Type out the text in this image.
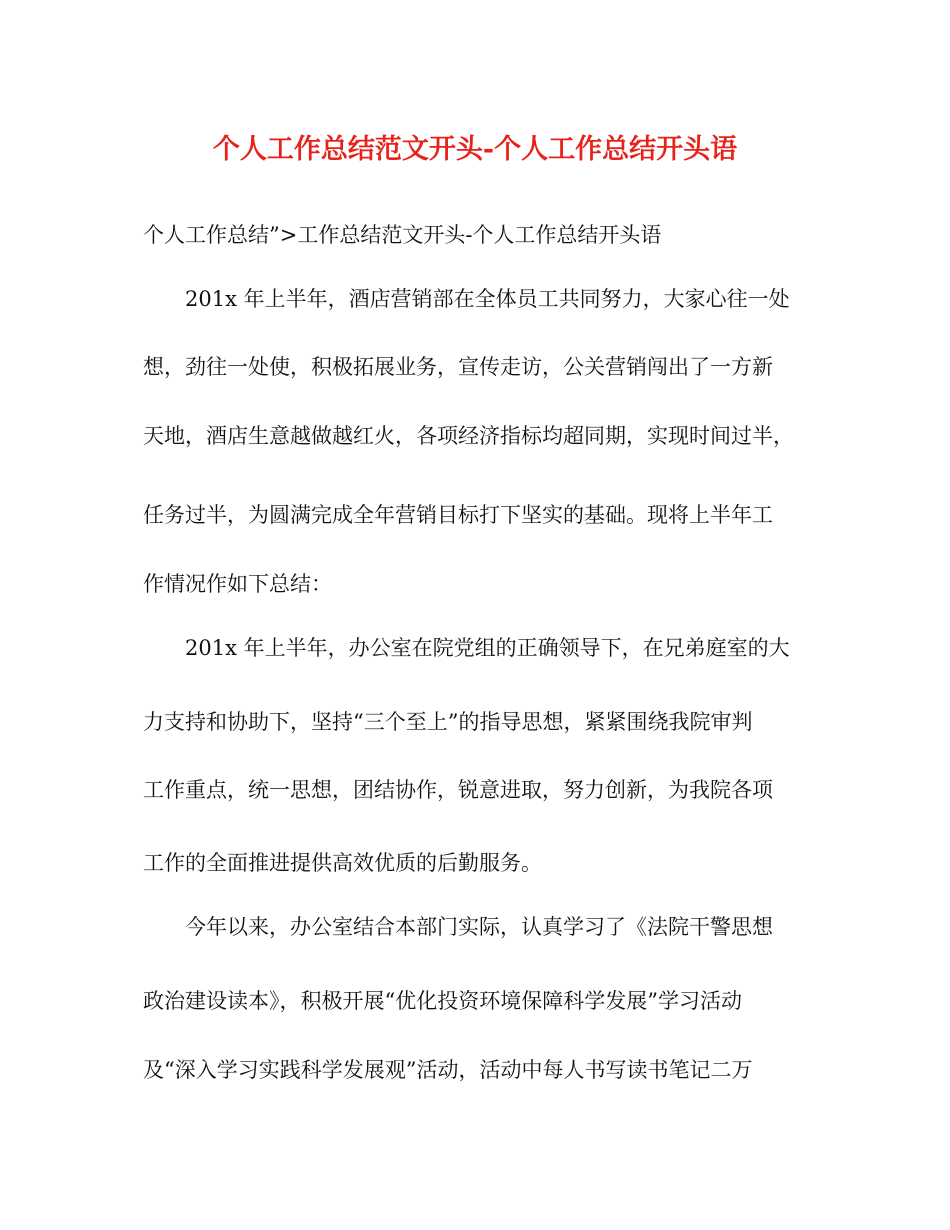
个人工作总结范文开头-个人工作总结开头语
个人工作总结”>工作总结范文开头-个人工作总结开头语
201x 年上半年，酒店营销部在全体员工共同努力，大家心往一处
想，劲往一处使，积极拓展业务，宣传走访，公关营销闯出了一方新
天地，酒店生意越做越红火，各项经济指标均超同期，实现时间过半，
任务过半，为圆满完成全年营销目标打下坚实的基础。现将上半年工
作情况作如下总结：
201x 年上半年，办公室在院党组的正确领导下，在兄弟庭室的大
力支持和协助下，坚持“三个至上”的指导思想，紧紧围绕我院审判
工作重点，统一思想，团结协作，锐意进取，努力创新，为我院各项
工作的全面推进提供高效优质的后勤服务。
今年以来，办公室结合本部门实际，认真学习了《法院干警思想
政治建设读本》，积极开展“优化投资环境保障科学发展”学习活动
及“深入学习实践科学发展观”活动，活动中每人书写读书笔记二万
